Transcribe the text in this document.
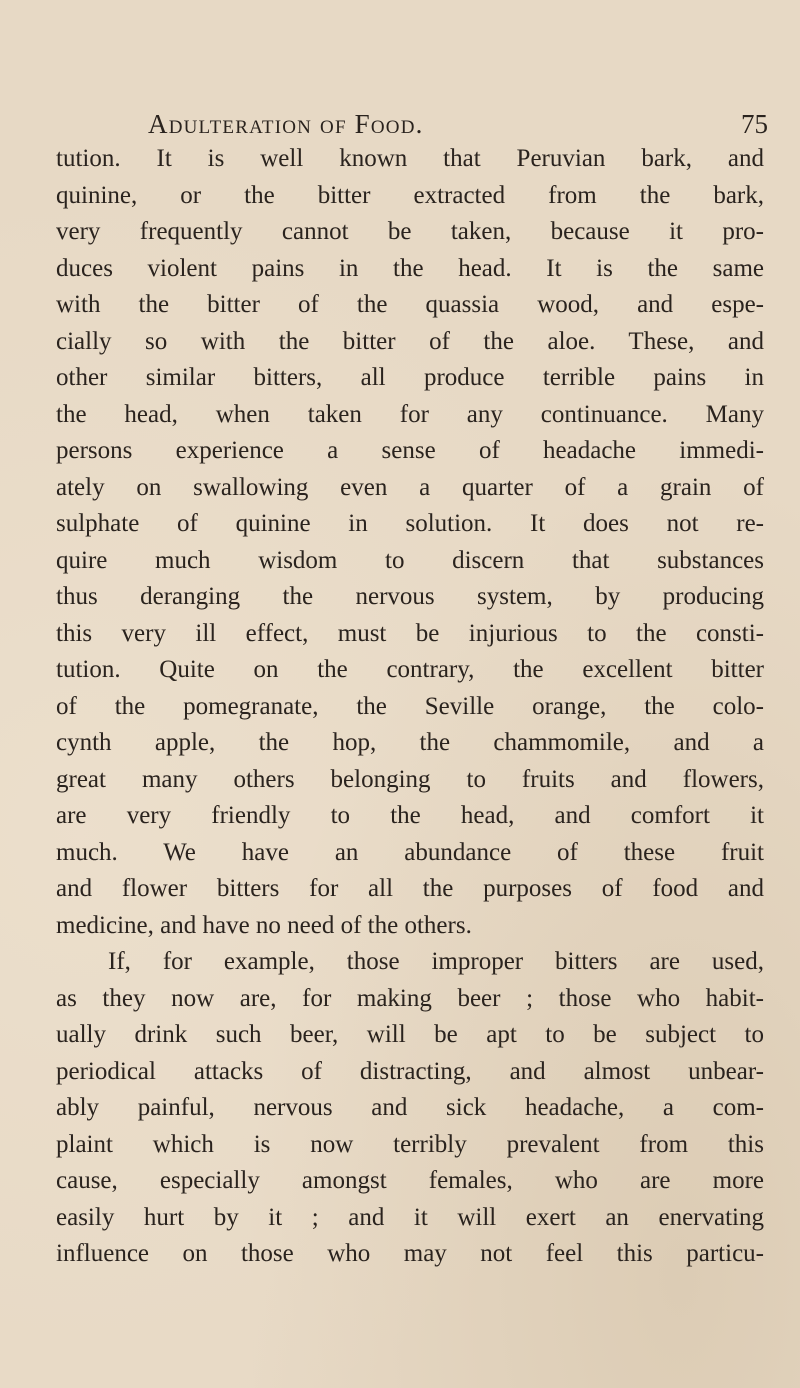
Adulteration of Food.	75
tution. It is well known that Peruvian bark, and
quinine, or the bitter extracted from the bark,
very frequently cannot be taken, because it pro-
duces violent pains in the head. It is the same
with the bitter of the quassia wood, and espe-
cially so with the bitter of the aloe. These, and
other similar bitters, all produce terrible pains in
the head, when taken for any continuance. Many
persons experience a sense of headache immedi-
ately on swallowing even a quarter of a grain of
sulphate of quinine in solution. It does not re-
quire much wisdom to discern that substances
thus deranging the nervous system, by producing
this very ill effect, must be injurious to the consti-
tution. Quite on the contrary, the excellent bitter
of the pomegranate, the Seville orange, the colo-
cynth apple, the hop, the chammomile, and a
great many others belonging to fruits and flowers,
are very friendly to the head, and comfort it
much. We have an abundance of these fruit
and flower bitters for all the purposes of food and
medicine, and have no need of the others.
If, for example, those improper bitters are used,
as they now are, for making beer ; those who habit-
ually drink such beer, will be apt to be subject to
periodical attacks of distracting, and almost unbear-
ably painful, nervous and sick headache, a com-
plaint which is now terribly prevalent from this
cause, especially amongst females, who are more
easily hurt by it ; and it will exert an enervating
influence on those who may not feel this particu-
